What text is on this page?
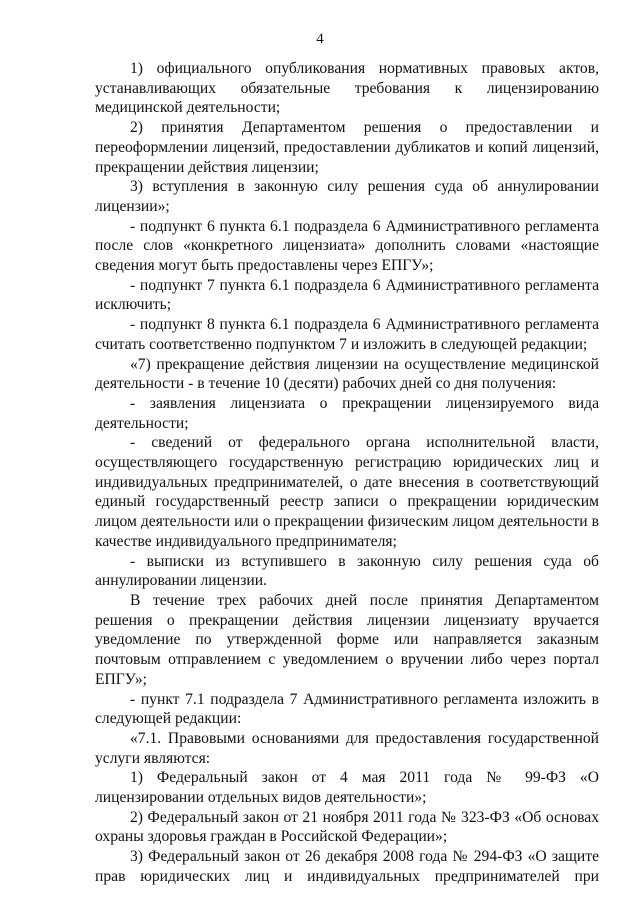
4

1) официального опубликования нормативных правовых актов, устанавливающих обязательные требования к лицензированию медицинской деятельности;

2) принятия Департаментом решения о предоставлении и переоформлении лицензий, предоставлении дубликатов и копий лицензий, прекращении действия лицензии;

3) вступления в законную силу решения суда об аннулировании лицензии»;

- подпункт 6 пункта 6.1 подраздела 6 Административного регламента после слов «конкретного лицензиата» дополнить словами «настоящие сведения могут быть предоставлены через ЕПГУ»;

- подпункт 7 пункта 6.1 подраздела 6 Административного регламента исключить;

- подпункт 8 пункта 6.1 подраздела 6 Административного регламента считать соответственно подпунктом 7 и изложить в следующей редакции;

«7) прекращение действия лицензии на осуществление медицинской деятельности - в течение 10 (десяти) рабочих дней со дня получения:

- заявления лицензиата о прекращении лицензируемого вида деятельности;

- сведений от федерального органа исполнительной власти, осуществляющего государственную регистрацию юридических лиц и индивидуальных предпринимателей, о дате внесения в соответствующий единый государственный реестр записи о прекращении юридическим лицом деятельности или о прекращении физическим лицом деятельности в качестве индивидуального предпринимателя;

- выписки из вступившего в законную силу решения суда об аннулировании лицензии.

В течение трех рабочих дней после принятия Департаментом решения о прекращении действия лицензии лицензиату вручается уведомление по утвержденной форме или направляется заказным почтовым отправлением с уведомлением о вручении либо через портал ЕПГУ»;

- пункт 7.1 подраздела 7 Административного регламента изложить в следующей редакции:

«7.1. Правовыми основаниями для предоставления государственной услуги являются:

1) Федеральный закон от 4 мая 2011 года № 99-ФЗ «О лицензировании отдельных видов деятельности»;

2) Федеральный закон от 21 ноября 2011 года № 323-ФЗ «Об основах охраны здоровья граждан в Российской Федерации»;

3) Федеральный закон от 26 декабря 2008 года № 294-ФЗ «О защите прав юридических лиц и индивидуальных предпринимателей при
